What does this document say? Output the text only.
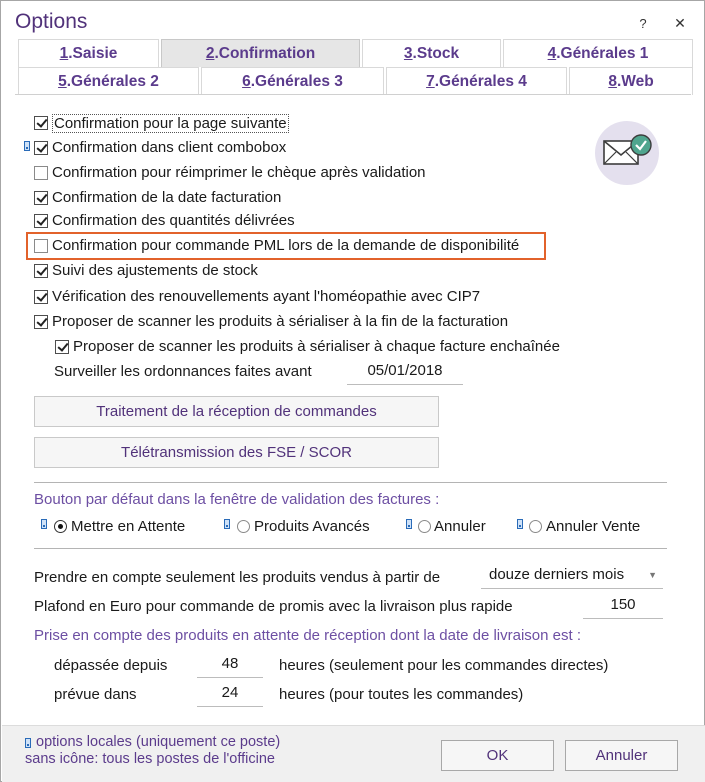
Options	?	✕
1.Saisie	2.Confirmation	3.Stock	4.Générales 1
5.Générales 2	6.Générales 3	7.Générales 4	8.Web
Confirmation pour la page suivante
Confirmation dans client combobox
Confirmation pour réimprimer le chèque après validation
Confirmation de la date facturation
Confirmation des quantités délivrées
Confirmation pour commande PML lors de la demande de disponibilité
Suivi des ajustements de stock
Vérification des renouvellements ayant l'homéopathie avec CIP7
Proposer de scanner les produits à sérialiser à la fin de la facturation
Proposer de scanner les produits à sérialiser à chaque facture enchaînée
Surveiller les ordonnances faites avant	05/01/2018
Traitement de la réception de commandes
Télétransmission des FSE / SCOR
Bouton par défaut dans la fenêtre de validation des factures :
Mettre en Attente	Produits Avancés	Annuler	Annuler Vente
Prendre en compte seulement les produits vendus à partir de	douze derniers mois	▼
Plafond en Euro pour commande de promis avec la livraison plus rapide	150
Prise en compte des produits en attente de réception dont la date de livraison est :
dépassée depuis	48	heures (seulement pour les commandes directes)
prévue dans	24	heures (pour toutes les commandes)
options locales (uniquement ce poste)
sans icône: tous les postes de l'officine	OK	Annuler
